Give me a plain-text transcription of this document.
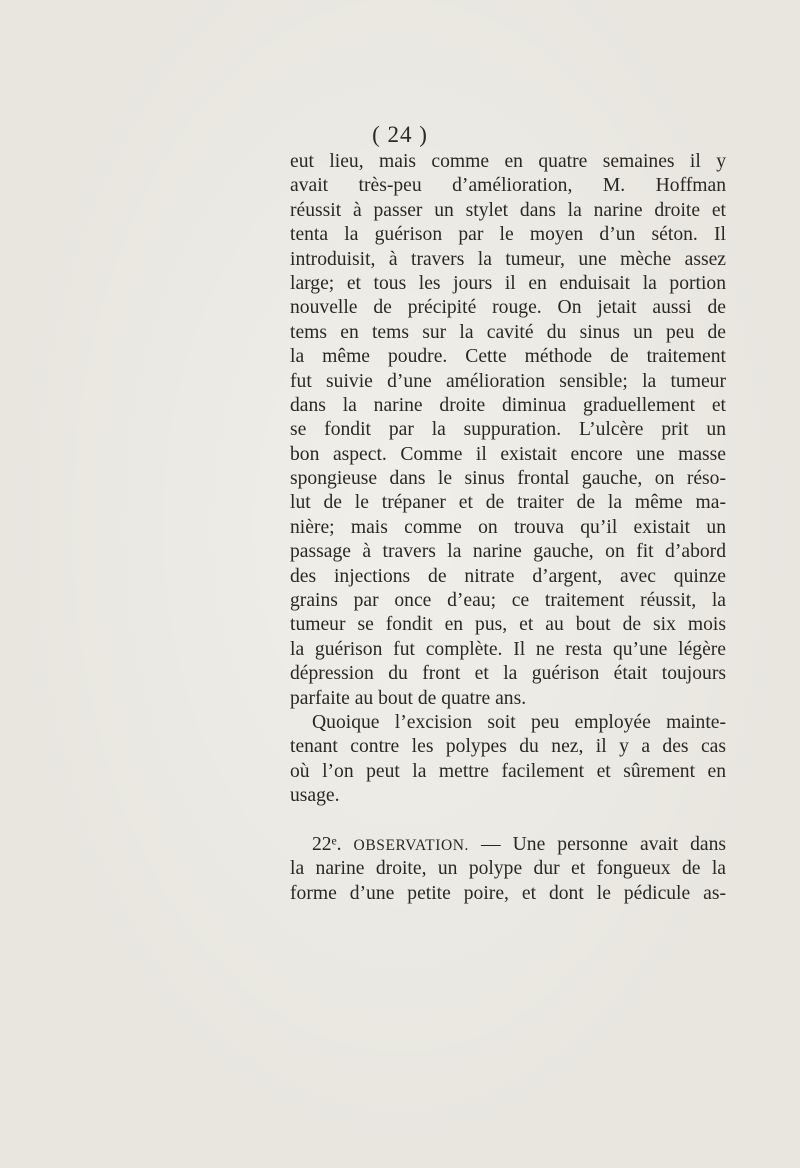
( 24 )
eut lieu, mais comme en quatre semaines il y
avait très-peu d’amélioration, M. Hoffman
réussit à passer un stylet dans la narine droite et
tenta la guérison par le moyen d’un séton. Il
introduisit, à travers la tumeur, une mèche assez
large; et tous les jours il en enduisait la portion
nouvelle de précipité rouge. On jetait aussi de
tems en tems sur la cavité du sinus un peu de
la même poudre. Cette méthode de traitement
fut suivie d’une amélioration sensible; la tumeur
dans la narine droite diminua graduellement et
se fondit par la suppuration. L’ulcère prit un
bon aspect. Comme il existait encore une masse
spongieuse dans le sinus frontal gauche, on réso-
lut de le trépaner et de traiter de la même ma-
nière; mais comme on trouva qu’il existait un
passage à travers la narine gauche, on fit d’abord
des injections de nitrate d’argent, avec quinze
grains par once d’eau; ce traitement réussit, la
tumeur se fondit en pus, et au bout de six mois
la guérison fut complète. Il ne resta qu’une légère
dépression du front et la guérison était toujours
parfaite au bout de quatre ans.
Quoique l’excision soit peu employée mainte-
tenant contre les polypes du nez, il y a des cas
où l’on peut la mettre facilement et sûrement en
usage.
22ᵉ. OBSERVATION. — Une personne avait dans
la narine droite, un polype dur et fongueux de la
forme d’une petite poire, et dont le pédicule as-
